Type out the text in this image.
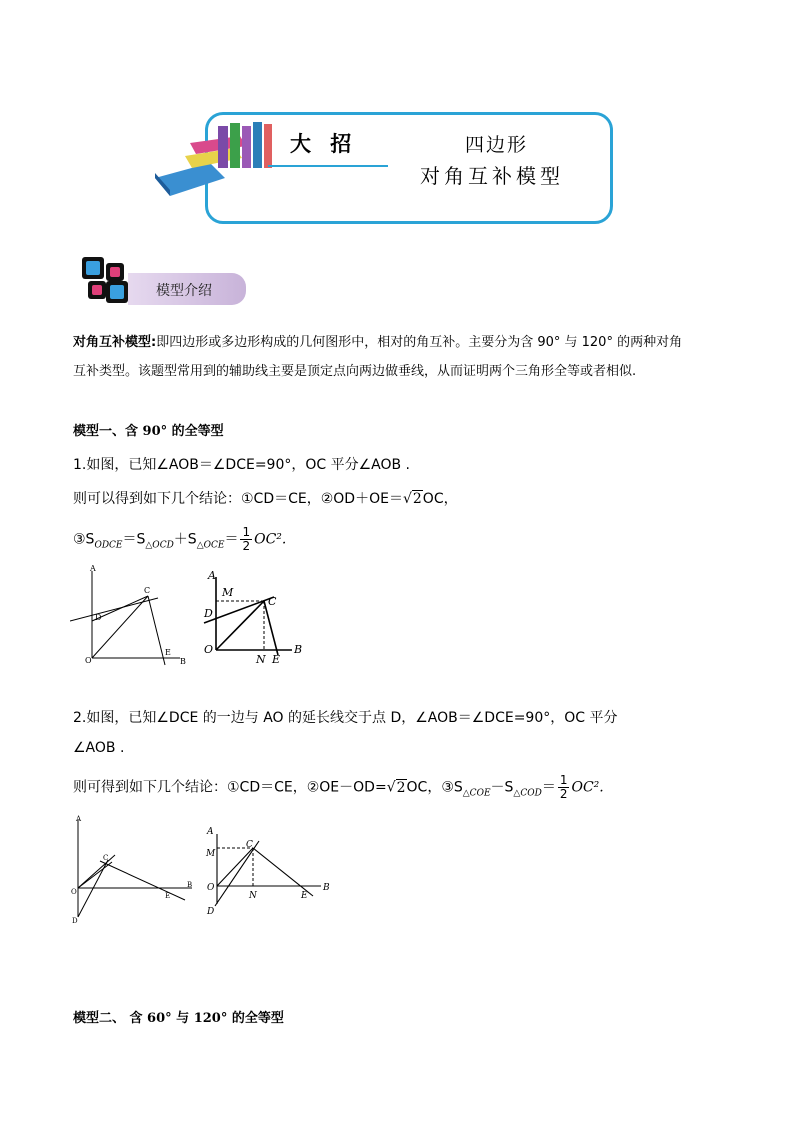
大 招	四边形
对角互补模型
模型介绍
对角互补模型:即四边形或多边形构成的几何图形中，相对的角互补。主要分为含 90° 与 120° 的两种对角
互补类型。该题型常用到的辅助线主要是顶定点向两边做垂线，从而证明两个三角形全等或者相似.
模型一、含 90° 的全等型
1.如图，已知∠AOB＝∠DCE=90°，OC 平分∠AOB .
则可以得到如下几个结论：①CD＝CE，②OD＋OE＝√2OC，
$③S_{ODCE}=S_{\triangle OCD}+S_{\triangle OCE}= \frac{1}{2} OC^2$.
A
C
D
O
E
B
A
M
C
D
O
N E
B
2.如图，已知∠DCE 的一边与 AO 的延长线交于点 D，∠AOB＝∠DCE=90°，OC 平分
∠AOB .
则可得到如下几个结论：①CD＝CE，②OE－OD=√2OC，$③S_{\triangle COE}-S_{\triangle COD}= \frac{1}{2} OC^2$.
A
C
O	E
B
D
A
M
C
O
N	E
B
D
模型二、 含 60° 与 120° 的全等型
